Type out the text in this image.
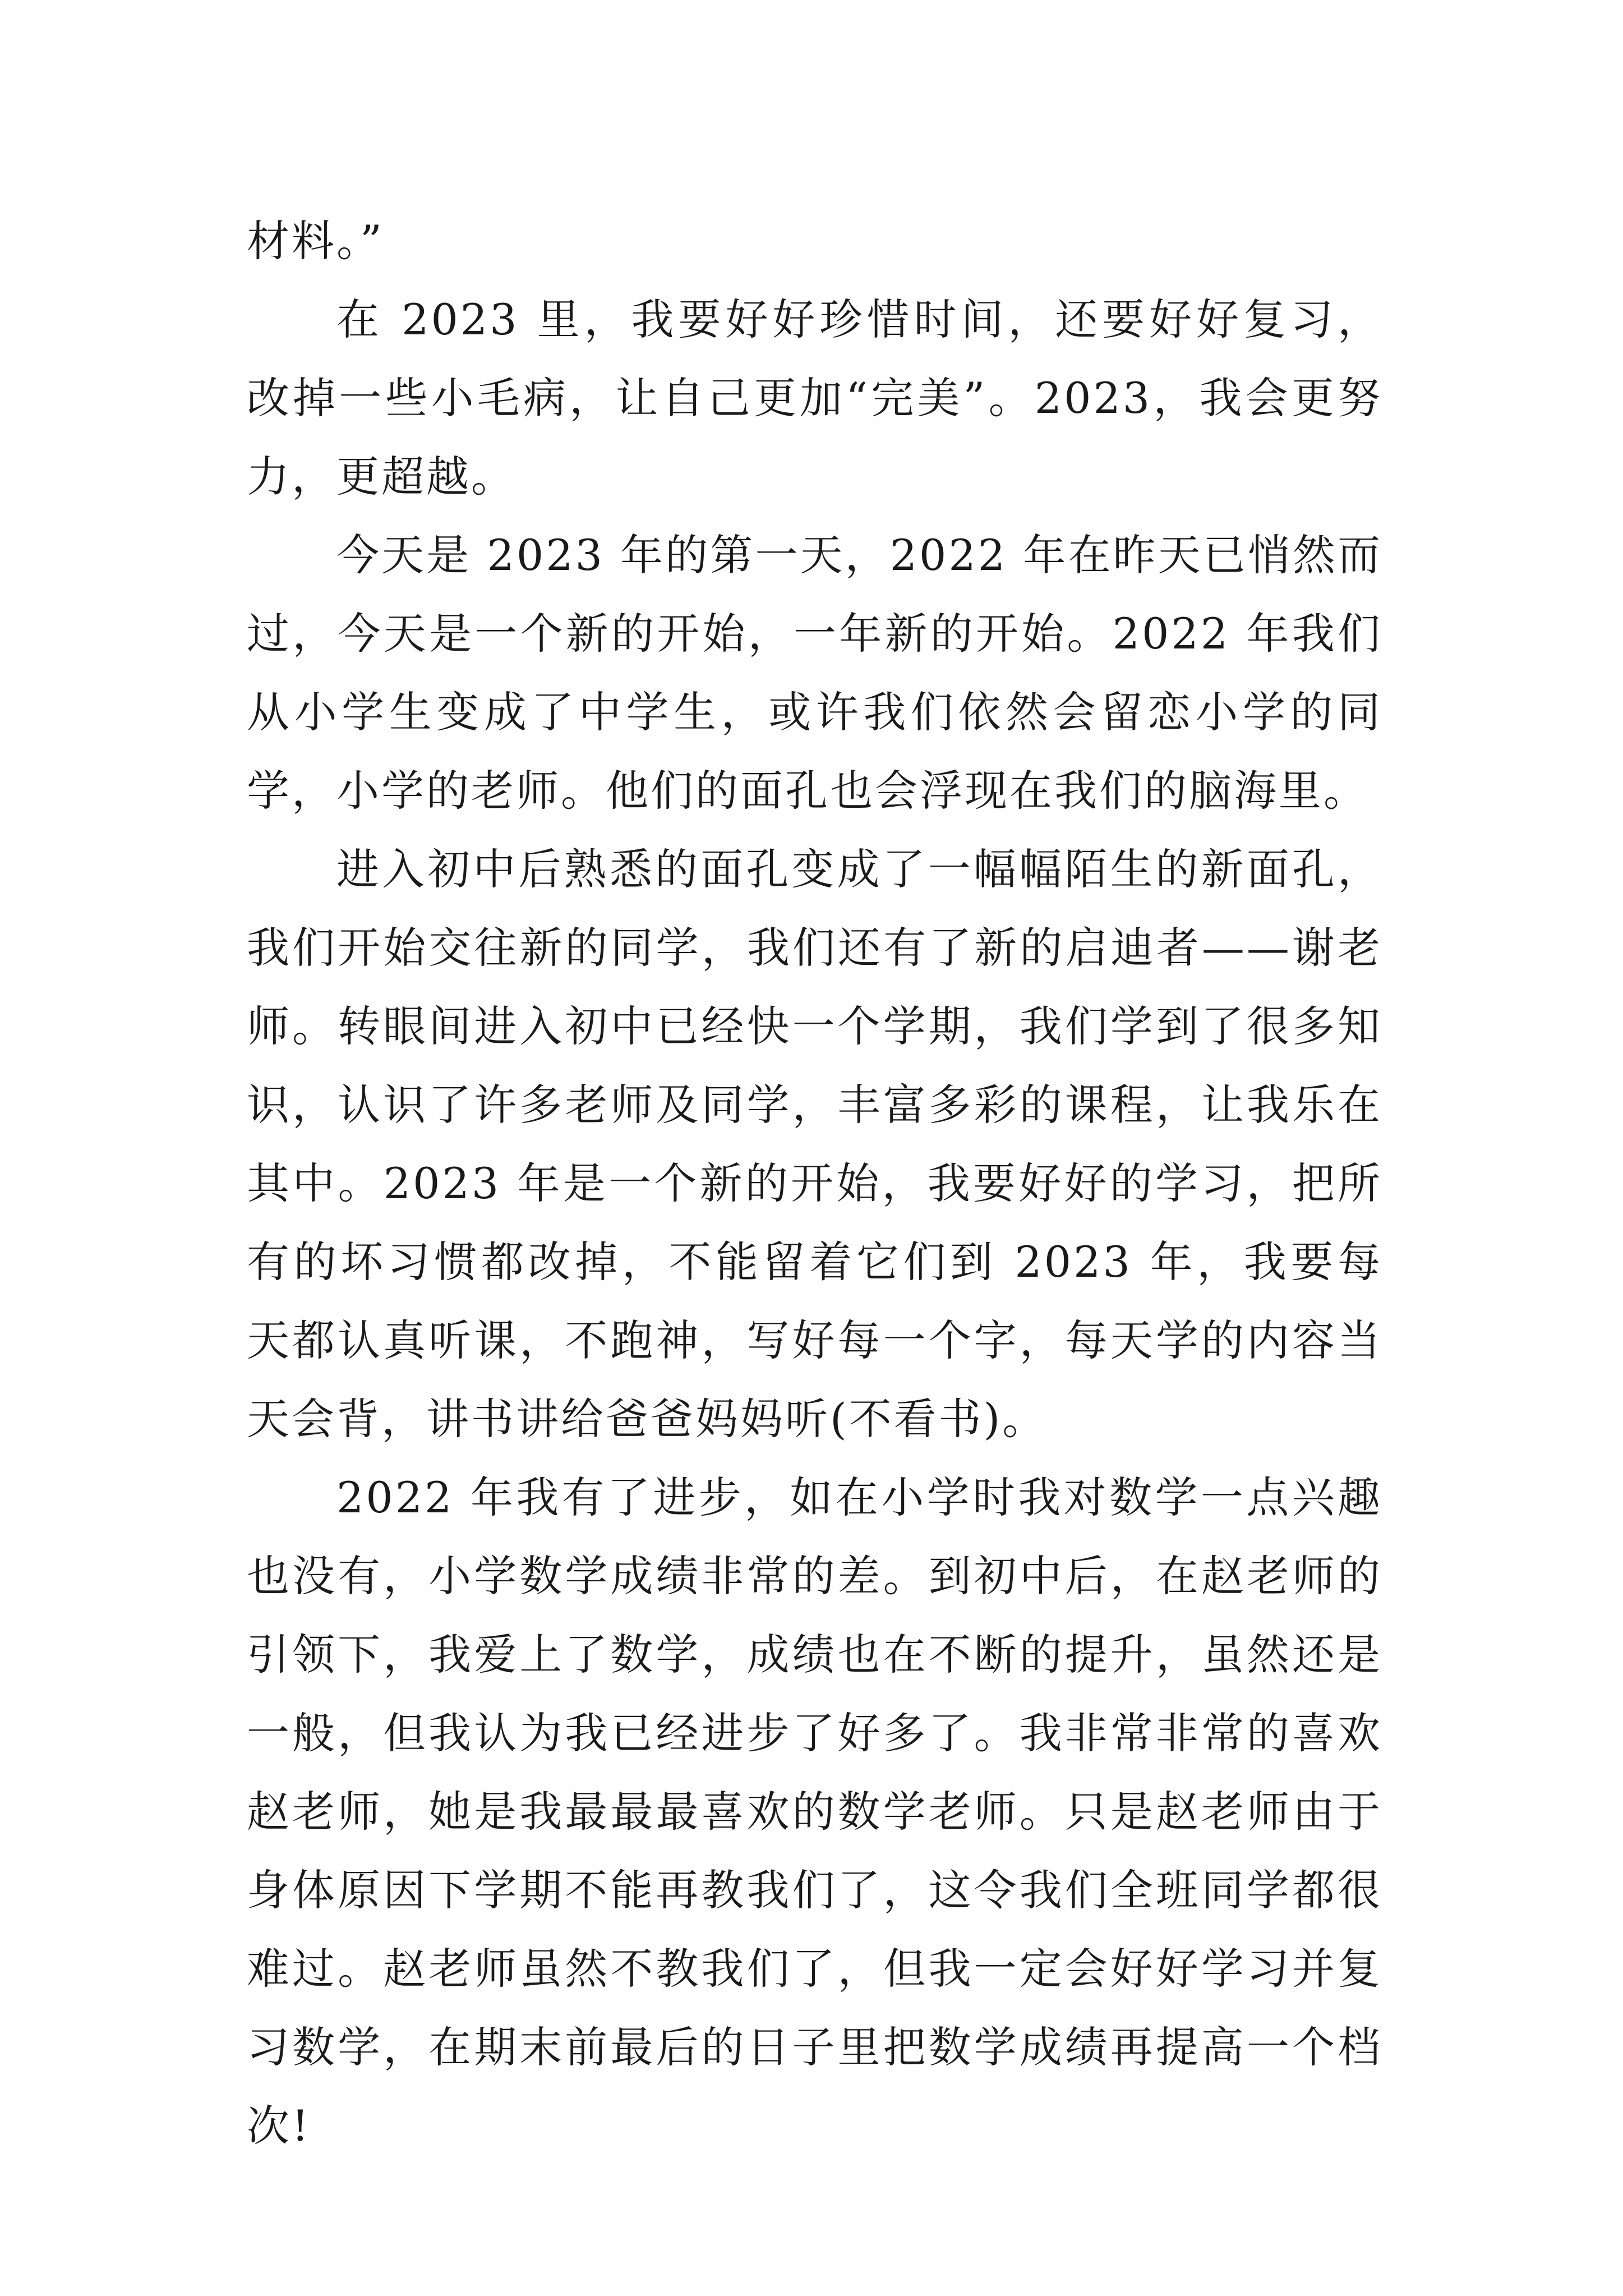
材料。”

在 2023 里，我要好好珍惜时间，还要好好复习，改掉一些小毛病，让自己更加“完美”。2023，我会更努力，更超越。

今天是 2023 年的第一天，2022 年在昨天已悄然而过，今天是一个新的开始，一年新的开始。2022 年我们从小学生变成了中学生，或许我们依然会留恋小学的同学，小学的老师。他们的面孔也会浮现在我们的脑海里。

进入初中后熟悉的面孔变成了一幅幅陌生的新面孔，我们开始交往新的同学，我们还有了新的启迪者——谢老师。转眼间进入初中已经快一个学期，我们学到了很多知识，认识了许多老师及同学，丰富多彩的课程，让我乐在其中。2023 年是一个新的开始，我要好好的学习，把所有的坏习惯都改掉，不能留着它们到 2023 年，我要每天都认真听课，不跑神，写好每一个字，每天学的内容当天会背，讲书讲给爸爸妈妈听(不看书)。

2022 年我有了进步，如在小学时我对数学一点兴趣也没有，小学数学成绩非常的差。到初中后，在赵老师的引领下，我爱上了数学，成绩也在不断的提升，虽然还是一般，但我认为我已经进步了好多了。我非常非常的喜欢赵老师，她是我最最最喜欢的数学老师。只是赵老师由于身体原因下学期不能再教我们了，这令我们全班同学都很难过。赵老师虽然不教我们了，但我一定会好好学习并复习数学，在期末前最后的日子里把数学成绩再提高一个档次!
